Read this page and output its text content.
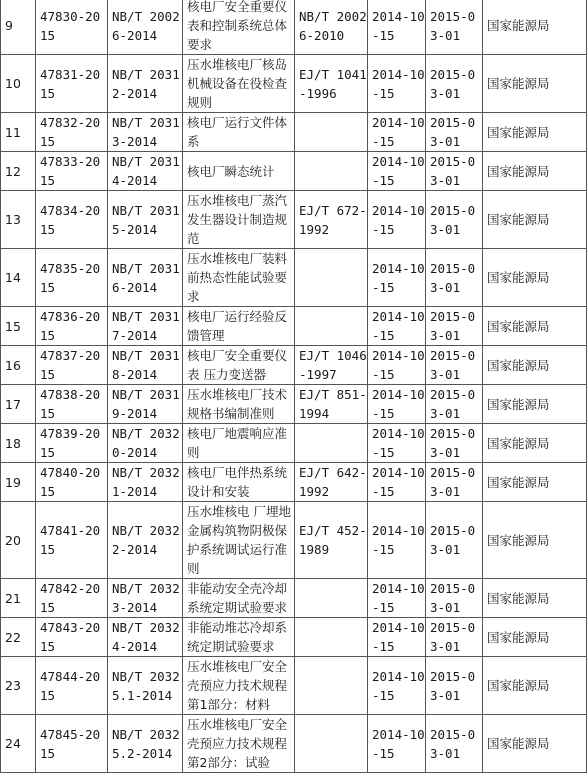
9	47830-2015	NB/T 20026-2014	核电厂安全重要仪表和控制系统总体要求	NB/T 20026-2010	2014-10-15	2015-03-01	国家能源局
10	47831-2015	NB/T 20312-2014	压水堆核电厂核岛机械设备在役检查规则	EJ/T 1041-1996	2014-10-15	2015-03-01	国家能源局
11	47832-2015	NB/T 20313-2014	核电厂运行文件体系		2014-10-15	2015-03-01	国家能源局
12	47833-2015	NB/T 20314-2014	核电厂瞬态统计		2014-10-15	2015-03-01	国家能源局
13	47834-2015	NB/T 20315-2014	压水堆核电厂蒸汽发生器设计制造规范	EJ/T 672-1992	2014-10-15	2015-03-01	国家能源局
14	47835-2015	NB/T 20316-2014	压水堆核电厂装料前热态性能试验要求		2014-10-15	2015-03-01	国家能源局
15	47836-2015	NB/T 20317-2014	核电厂运行经验反馈管理		2014-10-15	2015-03-01	国家能源局
16	47837-2015	NB/T 20318-2014	核电厂安全重要仪表 压力变送器	EJ/T 1046-1997	2014-10-15	2015-03-01	国家能源局
17	47838-2015	NB/T 20319-2014	压水堆核电厂技术规格书编制准则	EJ/T 851-1994	2014-10-15	2015-03-01	国家能源局
18	47839-2015	NB/T 20320-2014	核电厂地震响应准则		2014-10-15	2015-03-01	国家能源局
19	47840-2015	NB/T 20321-2014	核电厂电伴热系统设计和安装	EJ/T 642-1992	2014-10-15	2015-03-01	国家能源局
20	47841-2015	NB/T 20322-2014	压水堆核电 厂埋地金属构筑物阴极保护系统调试运行准则	EJ/T 452-1989	2014-10-15	2015-03-01	国家能源局
21	47842-2015	NB/T 20323-2014	非能动安全壳冷却系统定期试验要求		2014-10-15	2015-03-01	国家能源局
22	47843-2015	NB/T 20324-2014	非能动堆芯冷却系统定期试验要求		2014-10-15	2015-03-01	国家能源局
23	47844-2015	NB/T 20325.1-2014	压水堆核电厂安全壳预应力技术规程第1部分：材料		2014-10-15	2015-03-01	国家能源局
24	47845-2015	NB/T 20325.2-2014	压水堆核电厂安全壳预应力技术规程第2部分：试验		2014-10-15	2015-03-01	国家能源局
